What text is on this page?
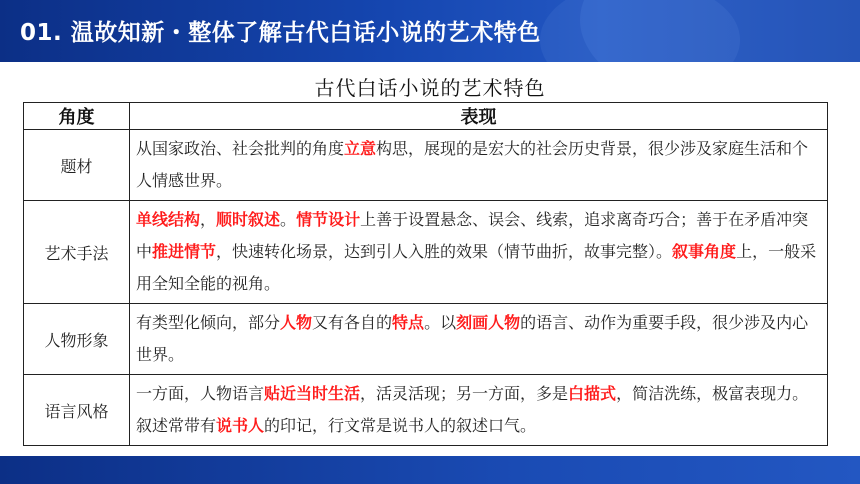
01. 温故知新・整体了解古代白话小说的艺术特色
古代白话小说的艺术特色
角度	表现
题材	从国家政治、社会批判的角度立意构思，展现的是宏大的社会历史背景，很少涉及家庭生活和个人情感世界。
艺术手法	单线结构，顺时叙述。情节设计上善于设置悬念、误会、线索，追求离奇巧合；善于在矛盾冲突中推进情节，快速转化场景，达到引人入胜的效果（情节曲折，故事完整）。叙事角度上，一般采用全知全能的视角。
人物形象	有类型化倾向，部分人物又有各自的特点。以刻画人物的语言、动作为重要手段，很少涉及内心世界。
语言风格	一方面，人物语言贴近当时生活，活灵活现；另一方面，多是白描式，简洁洗练，极富表现力。叙述常带有说书人的印记，行文常是说书人的叙述口气。
